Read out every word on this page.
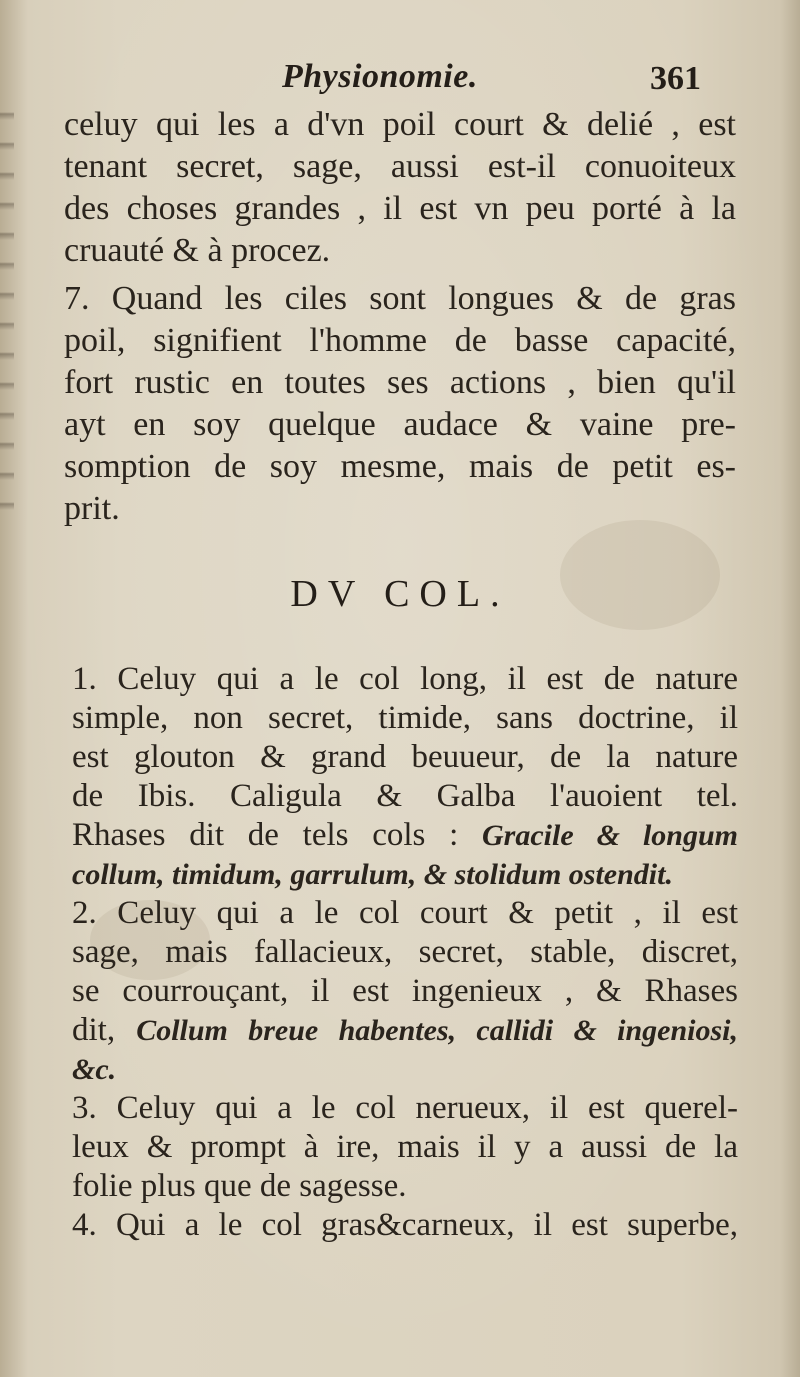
Physionomie.	361
celuy qui les a d'vn poil court & delié , est
tenant secret, sage, aussi est-il conuoiteux
des choses grandes , il est vn peu porté à la
cruauté & à procez.
7. Quand les ciles sont longues & de gras
poil, signifient l'homme de basse capacité,
fort rustic en toutes ses actions , bien qu'il
ayt en soy quelque audace & vaine pre-
somption de soy mesme, mais de petit es-
prit.
DV COL.
1. Celuy qui a le col long, il est de nature
simple, non secret, timide, sans doctrine, il
est glouton & grand beuueur, de la nature
de Ibis. Caligula & Galba l'auoient tel.
Rhases dit de tels cols : Gracile & longum
collum, timidum, garrulum, & stolidum ostendit.
2. Celuy qui a le col court & petit , il est
sage, mais fallacieux, secret, stable, discret,
se courrouçant, il est ingenieux , & Rhases
dit, Collum breue habentes, callidi & ingeniosi,
&c.
3. Celuy qui a le col nerueux, il est querel-
leux & prompt à ire, mais il y a aussi de la
folie plus que de sagesse.
4. Qui a le col gras&carneux, il est superbe,
